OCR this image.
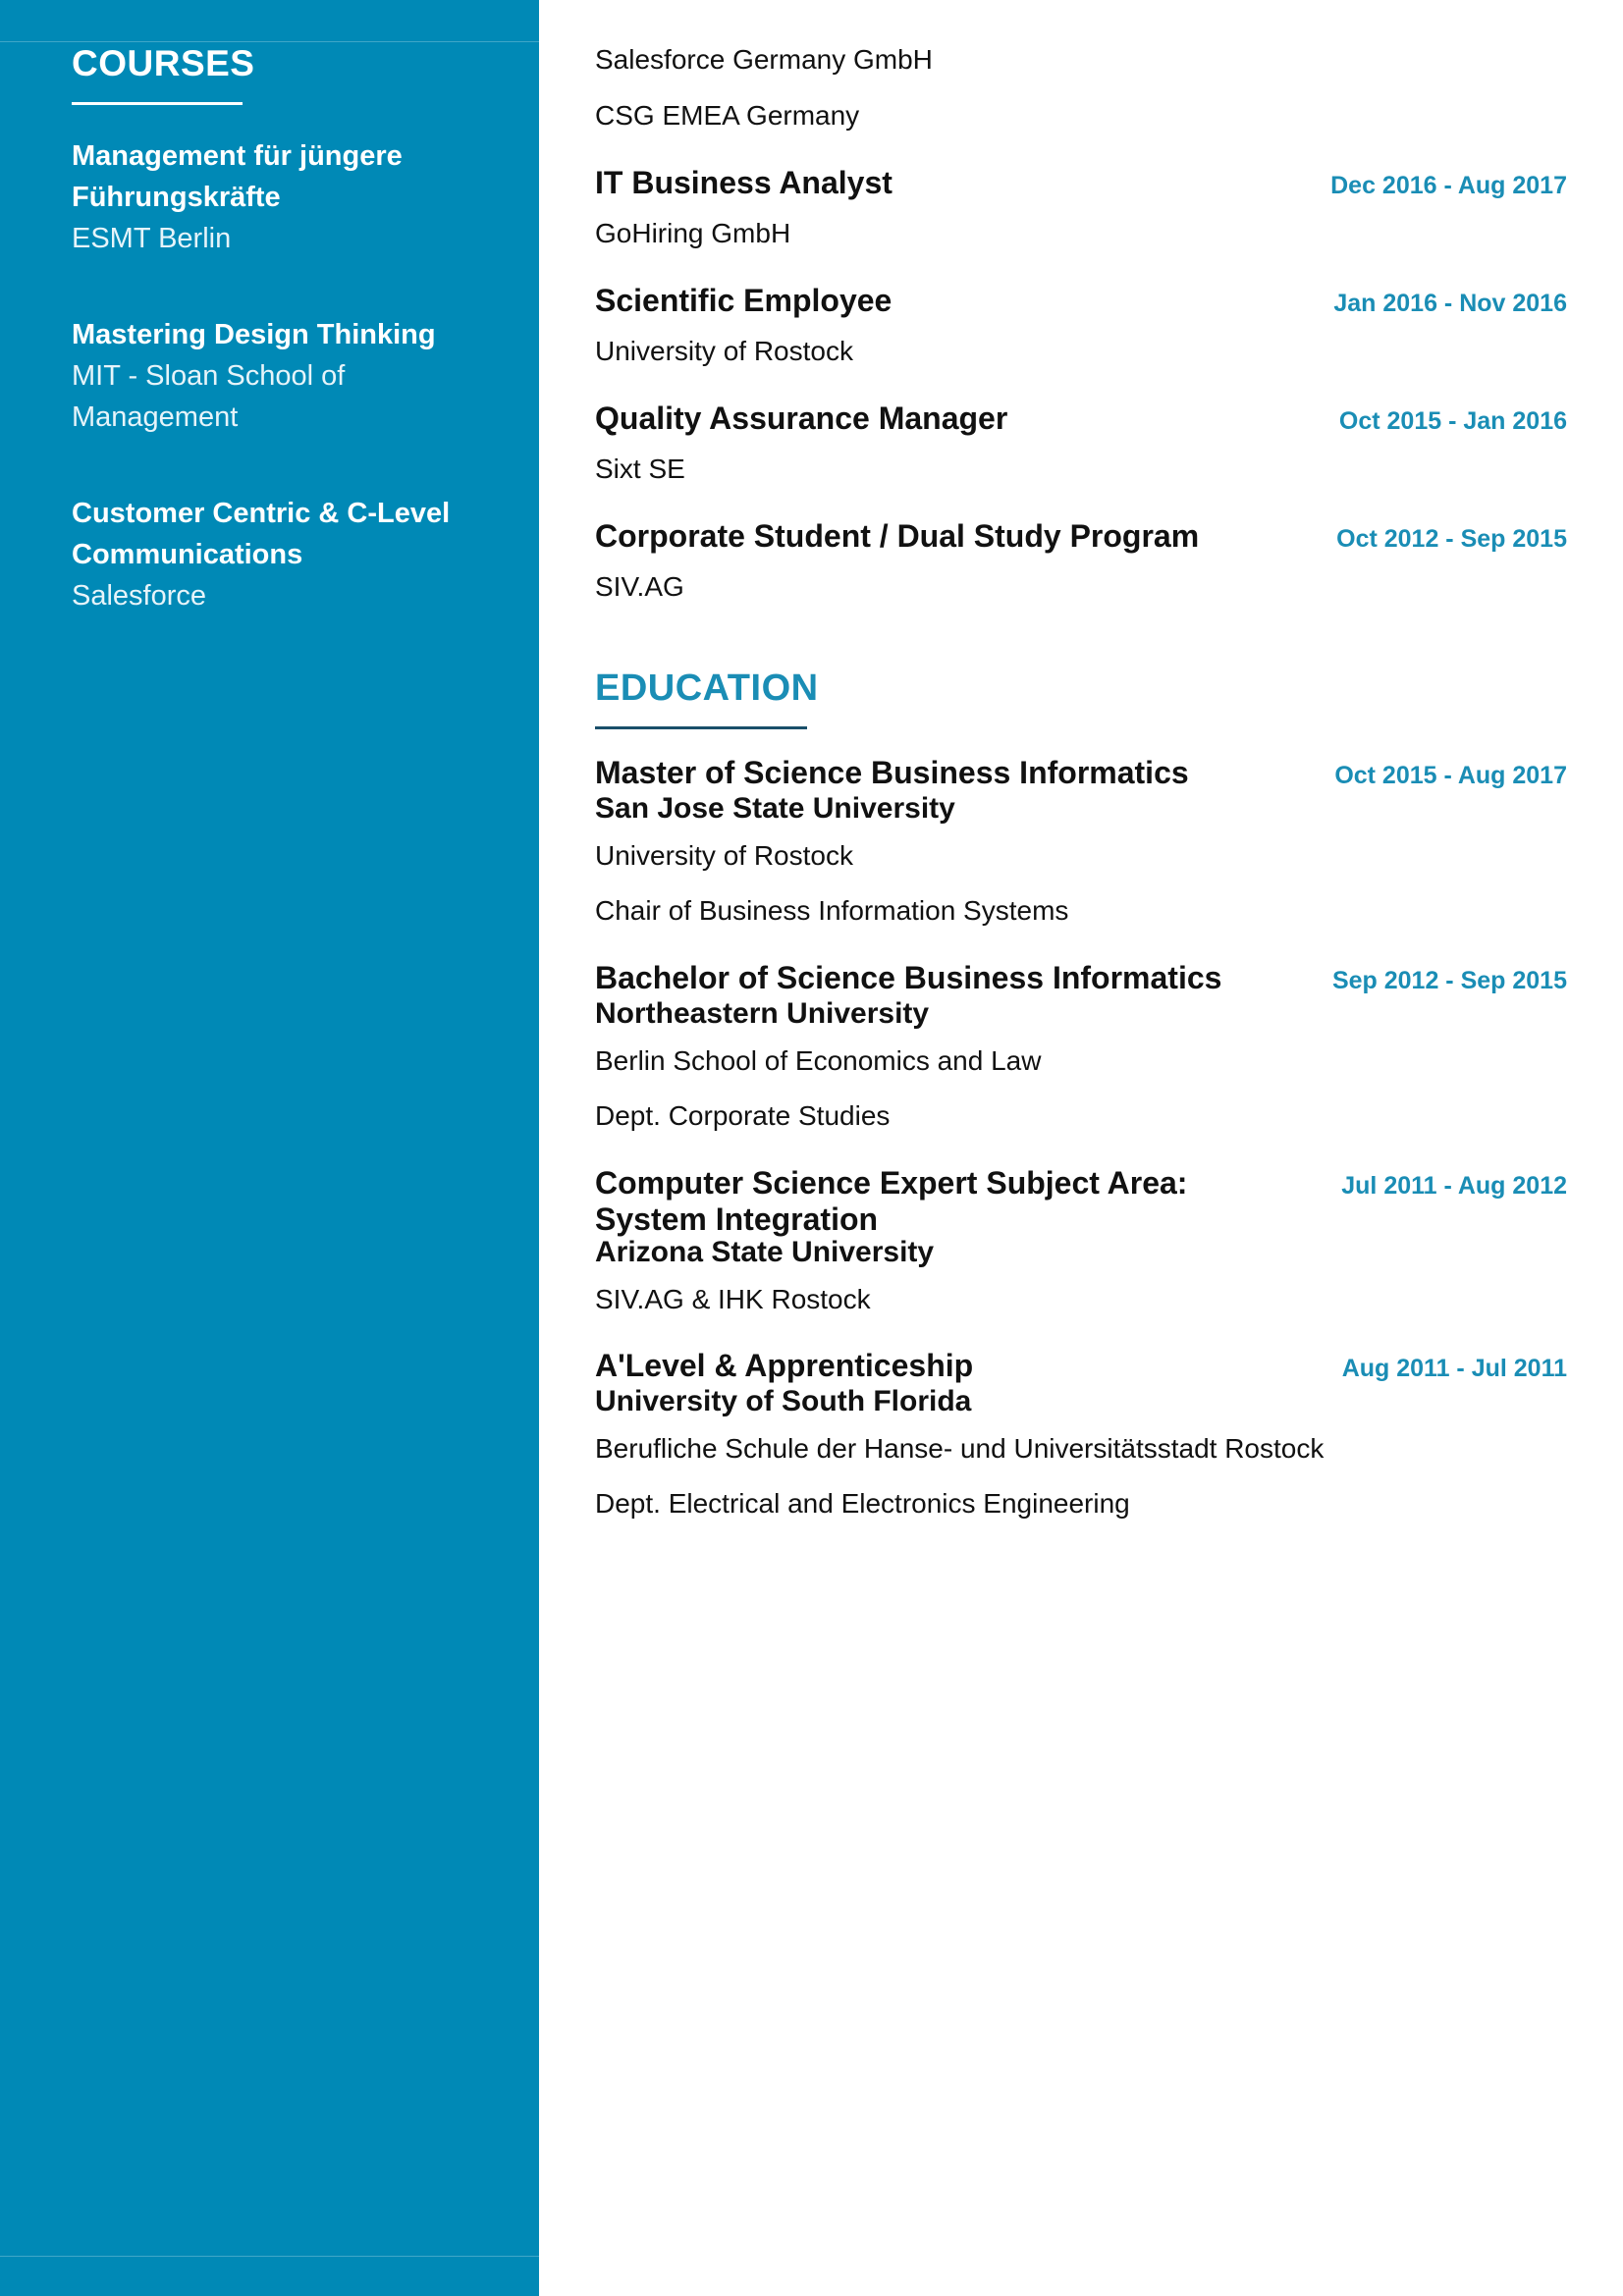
COURSES
Management für jüngere Führungskräfte
ESMT Berlin
Mastering Design Thinking
MIT - Sloan School of Management
Customer Centric & C-Level Communications
Salesforce
Salesforce Germany GmbH
CSG EMEA Germany
IT Business Analyst	Dec 2016 - Aug 2017
GoHiring GmbH
Scientific Employee	Jan 2016 - Nov 2016
University of Rostock
Quality Assurance Manager	Oct 2015 - Jan 2016
Sixt SE
Corporate Student / Dual Study Program	Oct 2012 - Sep 2015
SIV.AG
EDUCATION
Master of Science Business Informatics	Oct 2015 - Aug 2017
San Jose State University
University of Rostock
Chair of Business Information Systems
Bachelor of Science Business Informatics	Sep 2012 - Sep 2015
Northeastern University
Berlin School of Economics and Law
Dept. Corporate Studies
Computer Science Expert Subject Area:	Jul 2011 - Aug 2012
System Integration
Arizona State University
SIV.AG & IHK Rostock
A'Level & Apprenticeship	Aug 2011 - Jul 2011
University of South Florida
Berufliche Schule der Hanse- und Universitätsstadt Rostock
Dept. Electrical and Electronics Engineering
